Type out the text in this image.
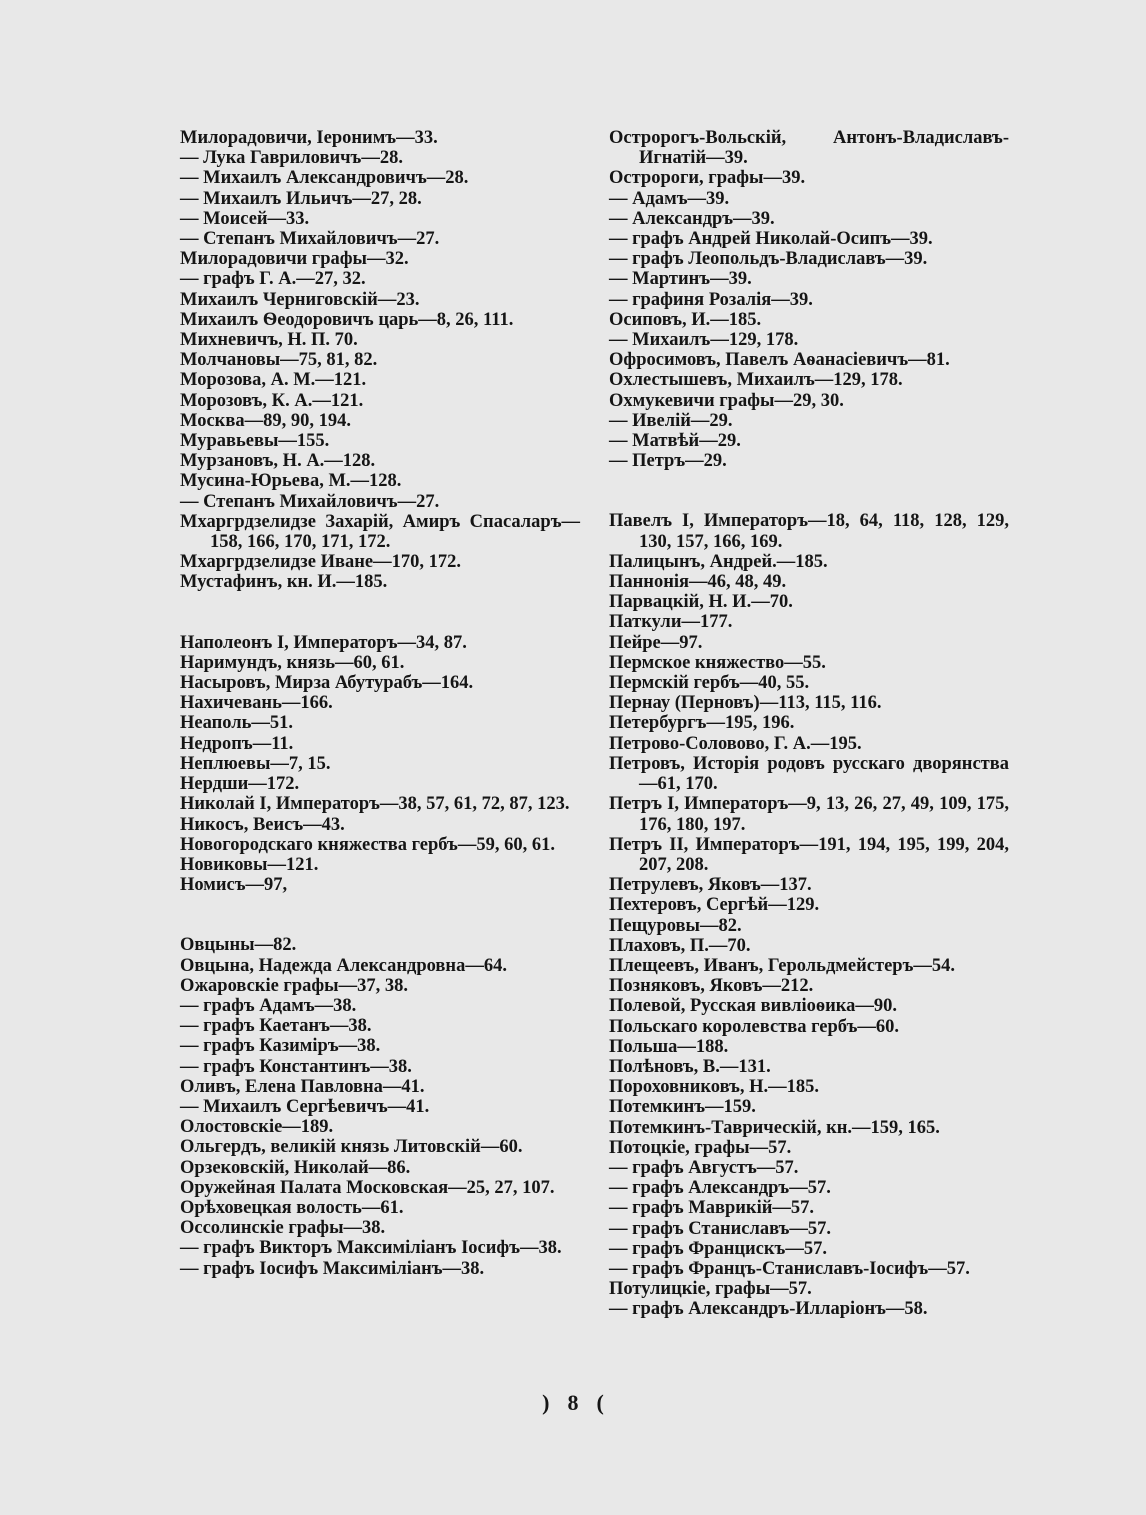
Милорадовичи, Іеронимъ—33.
— Лука Гавриловичъ—28.
— Михаилъ Александровичъ—28.
— Михаилъ Ильичъ—27, 28.
— Моисей—33.
— Степанъ Михайловичъ—27.
Милорадовичи графы—32.
— графъ Г. А.—27, 32.
Михаилъ Черниговскій—23.
Михаилъ Ѳеодоровичъ царь—8, 26, 111.
Михневичъ, Н. П. 70.
Молчановы—75, 81, 82.
Морозова, А. М.—121.
Морозовъ, К. А.—121.
Москва—89, 90, 194.
Муравьевы—155.
Мурзановъ, Н. А.—128.
Мусина-Юрьева, М.—128.
— Степанъ Михайловичъ—27.
Мхаргрдзелидзе Захарій, Амиръ Спасаларъ—158, 166, 170, 171, 172.
Мхаргрдзелидзе Иване—170, 172.
Мустафинъ, кн. И.—185.
Наполеонъ I, Императоръ—34, 87.
Наримундъ, князь—60, 61.
Насыровъ, Мирза Абутурабъ—164.
Нахичевань—166.
Неаполь—51.
Недропъ—11.
Неплюевы—7, 15.
Нердши—172.
Николай I, Императоръ—38, 57, 61, 72, 87, 123.
Никосъ, Веисъ—43.
Новогородскаго княжества гербъ—59, 60, 61.
Новиковы—121.
Номисъ—97,
Овцыны—82.
Овцына, Надежда Александровна—64.
Ожаровскіе графы—37, 38.
— графъ Адамъ—38.
— графъ Каетанъ—38.
— графъ Казиміръ—38.
— графъ Константинъ—38.
Оливъ, Елена Павловна—41.
— Михаилъ Сергѣевичъ—41.
Олостовскіе—189.
Ольгердъ, великій князь Литовскій—60.
Орзековскій, Николай—86.
Оружейная Палата Московская—25, 27, 107.
Орѣховецкая волость—61.
Оссолинскіе графы—38.
— графъ Викторъ Максиміліанъ Іосифъ—38.
— графъ Іосифъ Максиміліанъ—38.
Остророгъ-Вольскій, Антонъ-Владиславъ-Игнатій—39.
Остророги, графы—39.
— Адамъ—39.
— Александръ—39.
— графъ Андрей Николай-Осипъ—39.
— графъ Леопольдъ-Владиславъ—39.
— Мартинъ—39.
— графиня Розалія—39.
Осиповъ, И.—185.
— Михаилъ—129, 178.
Офросимовъ, Павелъ Аѳанасіевичъ—81.
Охлестышевъ, Михаилъ—129, 178.
Охмукевичи графы—29, 30.
— Ивелій—29.
— Матвѣй—29.
— Петръ—29.
Павелъ I, Императоръ—18, 64, 118, 128, 129, 130, 157, 166, 169.
Палицынъ, Андрей.—185.
Паннонія—46, 48, 49.
Парвацкій, Н. И.—70.
Паткули—177.
Пейре—97.
Пермское княжество—55.
Пермскій гербъ—40, 55.
Пернау (Перновъ)—113, 115, 116.
Петербургъ—195, 196.
Петрово-Соловово, Г. А.—195.
Петровъ, Исторія родовъ русскаго дворянства—61, 170.
Петръ I, Императоръ—9, 13, 26, 27, 49, 109, 175, 176, 180, 197.
Петръ II, Императоръ—191, 194, 195, 199, 204, 207, 208.
Петрулевъ, Яковъ—137.
Пехтеровъ, Сергѣй—129.
Пещуровы—82.
Плаховъ, П.—70.
Плещеевъ, Иванъ, Герольдмейстеръ—54.
Позняковъ, Яковъ—212.
Полевой, Русская вивліоѳика—90.
Польскаго королевства гербъ—60.
Польша—188.
Полѣновъ, В.—131.
Пороховниковъ, Н.—185.
Потемкинъ—159.
Потемкинъ-Таврическій, кн.—159, 165.
Потоцкіе, графы—57.
— графъ Августъ—57.
— графъ Александръ—57.
— графъ Маврикій—57.
— графъ Станиславъ—57.
— графъ Францискъ—57.
— графъ Францъ-Станиславъ-Іосифъ—57.
Потулицкіе, графы—57.
— графъ Александръ-Илларіонъ—58.
) 8 (
